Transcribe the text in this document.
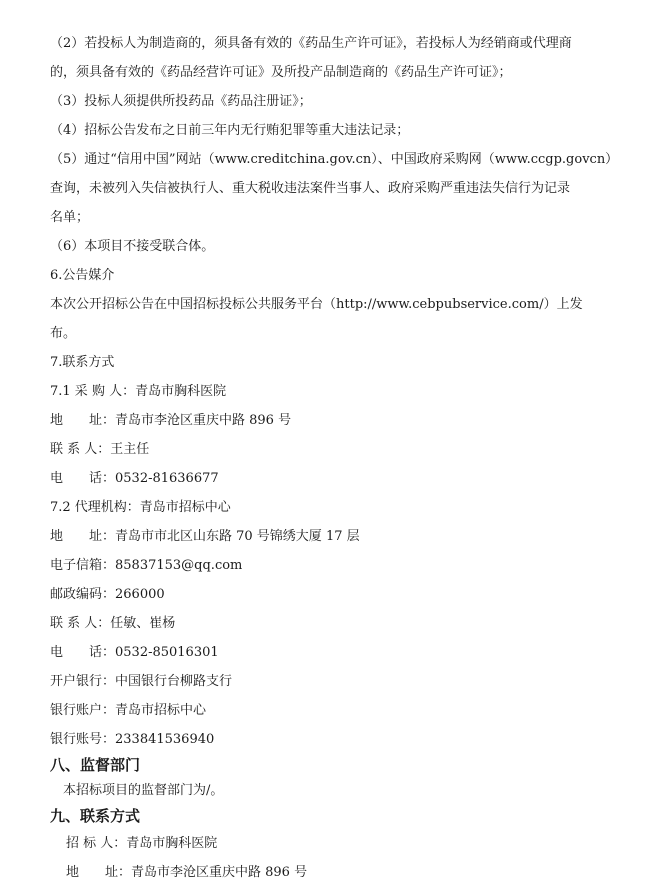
（2）若投标人为制造商的，须具备有效的《药品生产许可证》，若投标人为经销商或代理商
的，须具备有效的《药品经营许可证》及所投产品制造商的《药品生产许可证》；
（3）投标人须提供所投药品《药品注册证》；
（4）招标公告发布之日前三年内无行贿犯罪等重大违法记录；
（5）通过“信用中国”网站（www.creditchina.gov.cn）、中国政府采购网（www.ccgp.govcn）
查询，未被列入失信被执行人、重大税收违法案件当事人、政府采购严重违法失信行为记录
名单；
（6）本项目不接受联合体。
6.公告媒介
本次公开招标公告在中国招标投标公共服务平台（http://www.cebpubservice.com/）上发
布。
7.联系方式
7.1 采 购 人：青岛市胸科医院
地　　址：青岛市李沧区重庆中路 896 号
联 系 人：王主任
电　　话：0532-81636677
7.2 代理机构：青岛市招标中心
地　　址：青岛市市北区山东路 70 号锦绣大厦 17 层
电子信箱：85837153@qq.com
邮政编码：266000
联 系 人：任敏、崔杨
电　　话：0532-85016301
开户银行：中国银行台柳路支行
银行账户：青岛市招标中心
银行账号：233841536940
八、监督部门
本招标项目的监督部门为/。
九、联系方式
招 标 人：青岛市胸科医院
地　　址：青岛市李沧区重庆中路 896 号
